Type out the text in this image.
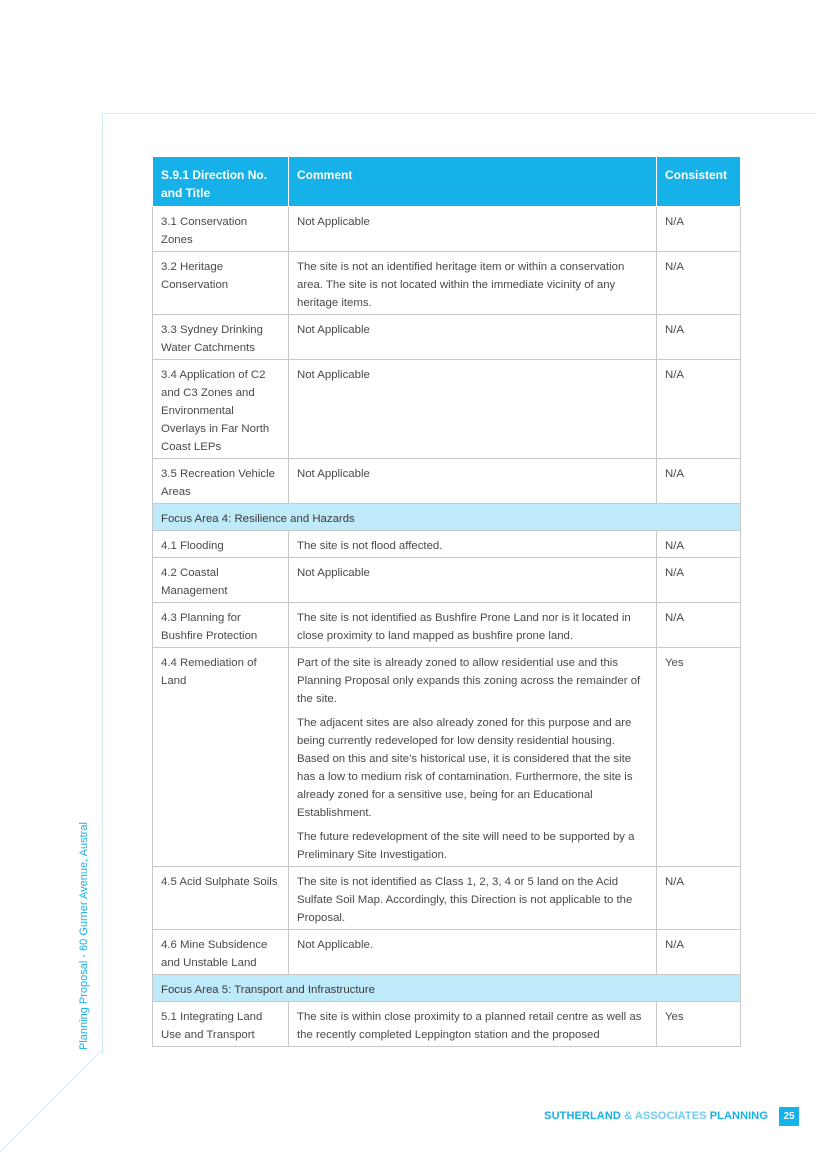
Planning Proposal - 60 Gurner Avenue, Austral
S.9.1 Direction No. and Title	Comment	Consistent
3.1 Conservation Zones	Not Applicable	N/A
3.2 Heritage Conservation	The site is not an identified heritage item or within a conservation area. The site is not located within the immediate vicinity of any heritage items.	N/A
3.3 Sydney Drinking Water Catchments	Not Applicable	N/A
3.4 Application of C2 and C3 Zones and Environmental Overlays in Far North Coast LEPs	Not Applicable	N/A
3.5 Recreation Vehicle Areas	Not Applicable	N/A
Focus Area 4: Resilience and Hazards		
4.1 Flooding	The site is not flood affected.	N/A
4.2 Coastal Management	Not Applicable	N/A
4.3 Planning for Bushfire Protection	The site is not identified as Bushfire Prone Land nor is it located in close proximity to land mapped as bushfire prone land.	N/A
4.4 Remediation of Land	Part of the site is already zoned to allow residential use and this Planning Proposal only expands this zoning across the remainder of the site.

The adjacent sites are also already zoned for this purpose and are being currently redeveloped for low density residential housing. Based on this and site’s historical use, it is considered that the site has a low to medium risk of contamination. Furthermore, the site is already zoned for a sensitive use, being for an Educational Establishment.

The future redevelopment of the site will need to be supported by a Preliminary Site Investigation.	Yes
4.5 Acid Sulphate Soils	The site is not identified as Class 1, 2, 3, 4 or 5 land on the Acid Sulfate Soil Map. Accordingly, this Direction is not applicable to the Proposal.	N/A
4.6 Mine Subsidence and Unstable Land	Not Applicable.	N/A
Focus Area 5: Transport and Infrastructure		
5.1 Integrating Land Use and Transport	The site is within close proximity to a planned retail centre as well as the recently completed Leppington station and the proposed	Yes
SUTHERLAND & ASSOCIATES PLANNING	25
